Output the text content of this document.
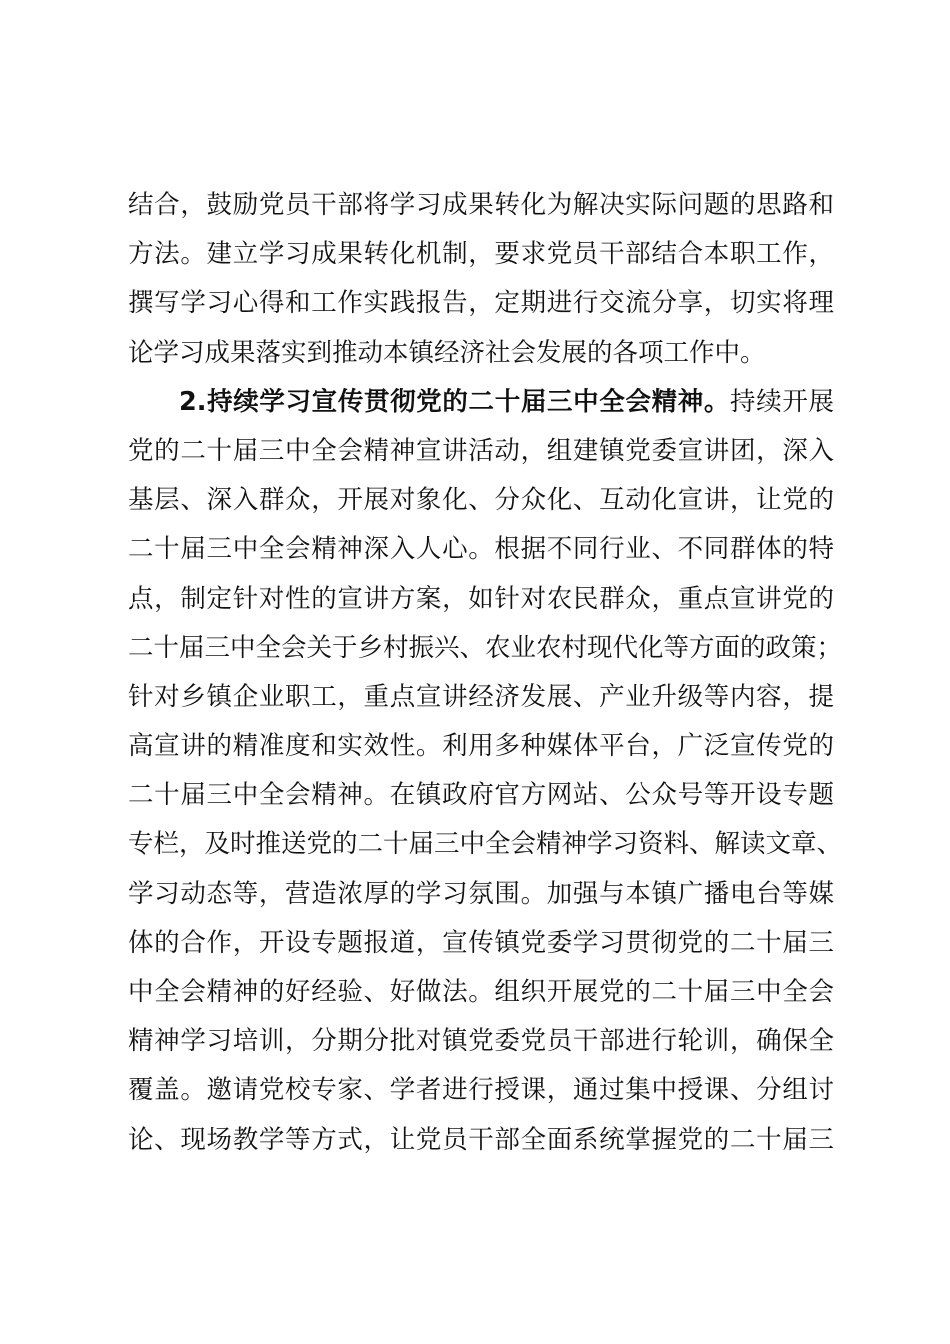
结合，鼓励党员干部将学习成果转化为解决实际问题的思路和
方法。建立学习成果转化机制，要求党员干部结合本职工作，
撰写学习心得和工作实践报告，定期进行交流分享，切实将理
论学习成果落实到推动本镇经济社会发展的各项工作中。
2.持续学习宣传贯彻党的二十届三中全会精神。持续开展
党的二十届三中全会精神宣讲活动，组建镇党委宣讲团，深入
基层、深入群众，开展对象化、分众化、互动化宣讲，让党的
二十届三中全会精神深入人心。根据不同行业、不同群体的特
点，制定针对性的宣讲方案，如针对农民群众，重点宣讲党的
二十届三中全会关于乡村振兴、农业农村现代化等方面的政策；
针对乡镇企业职工，重点宣讲经济发展、产业升级等内容，提
高宣讲的精准度和实效性。利用多种媒体平台，广泛宣传党的
二十届三中全会精神。在镇政府官方网站、公众号等开设专题
专栏，及时推送党的二十届三中全会精神学习资料、解读文章、
学习动态等，营造浓厚的学习氛围。加强与本镇广播电台等媒
体的合作，开设专题报道，宣传镇党委学习贯彻党的二十届三
中全会精神的好经验、好做法。组织开展党的二十届三中全会
精神学习培训，分期分批对镇党委党员干部进行轮训，确保全
覆盖。邀请党校专家、学者进行授课，通过集中授课、分组讨
论、现场教学等方式，让党员干部全面系统掌握党的二十届三
